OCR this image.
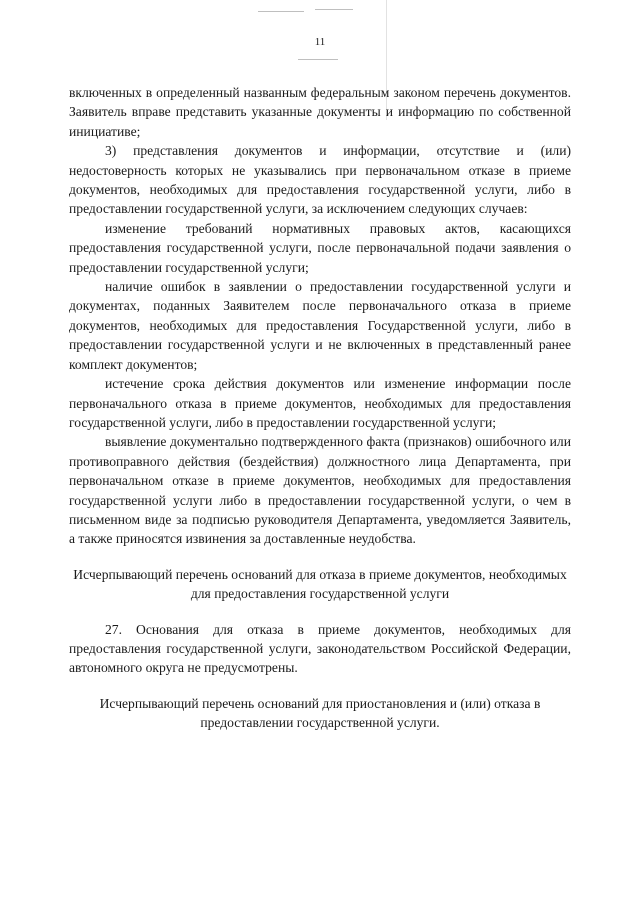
11

включенных в определенный названным федеральным законом перечень документов. Заявитель вправе представить указанные документы и информацию по собственной инициативе;

3) представления документов и информации, отсутствие и (или) недостоверность которых не указывались при первоначальном отказе в приеме документов, необходимых для предоставления государственной услуги, либо в предоставлении государственной услуги, за исключением следующих случаев:

изменение требований нормативных правовых актов, касающихся предоставления государственной услуги, после первоначальной подачи заявления о предоставлении государственной услуги;

наличие ошибок в заявлении о предоставлении государственной услуги и документах, поданных Заявителем после первоначального отказа в приеме документов, необходимых для предоставления Государственной услуги, либо в предоставлении государственной услуги и не включенных в представленный ранее комплект документов;

истечение срока действия документов или изменение информации после первоначального отказа в приеме документов, необходимых для предоставления государственной услуги, либо в предоставлении государственной услуги;

выявление документально подтвержденного факта (признаков) ошибочного или противоправного действия (бездействия) должностного лица Департамента, при первоначальном отказе в приеме документов, необходимых для предоставления государственной услуги либо в предоставлении государственной услуги, о чем в письменном виде за подписью руководителя Департамента, уведомляется Заявитель, а также приносятся извинения за доставленные неудобства.

Исчерпывающий перечень оснований для отказа в приеме документов, необходимых для предоставления государственной услуги

27. Основания для отказа в приеме документов, необходимых для предоставления государственной услуги, законодательством Российской Федерации, автономного округа не предусмотрены.

Исчерпывающий перечень оснований для приостановления и (или) отказа в предоставлении государственной услуги.
